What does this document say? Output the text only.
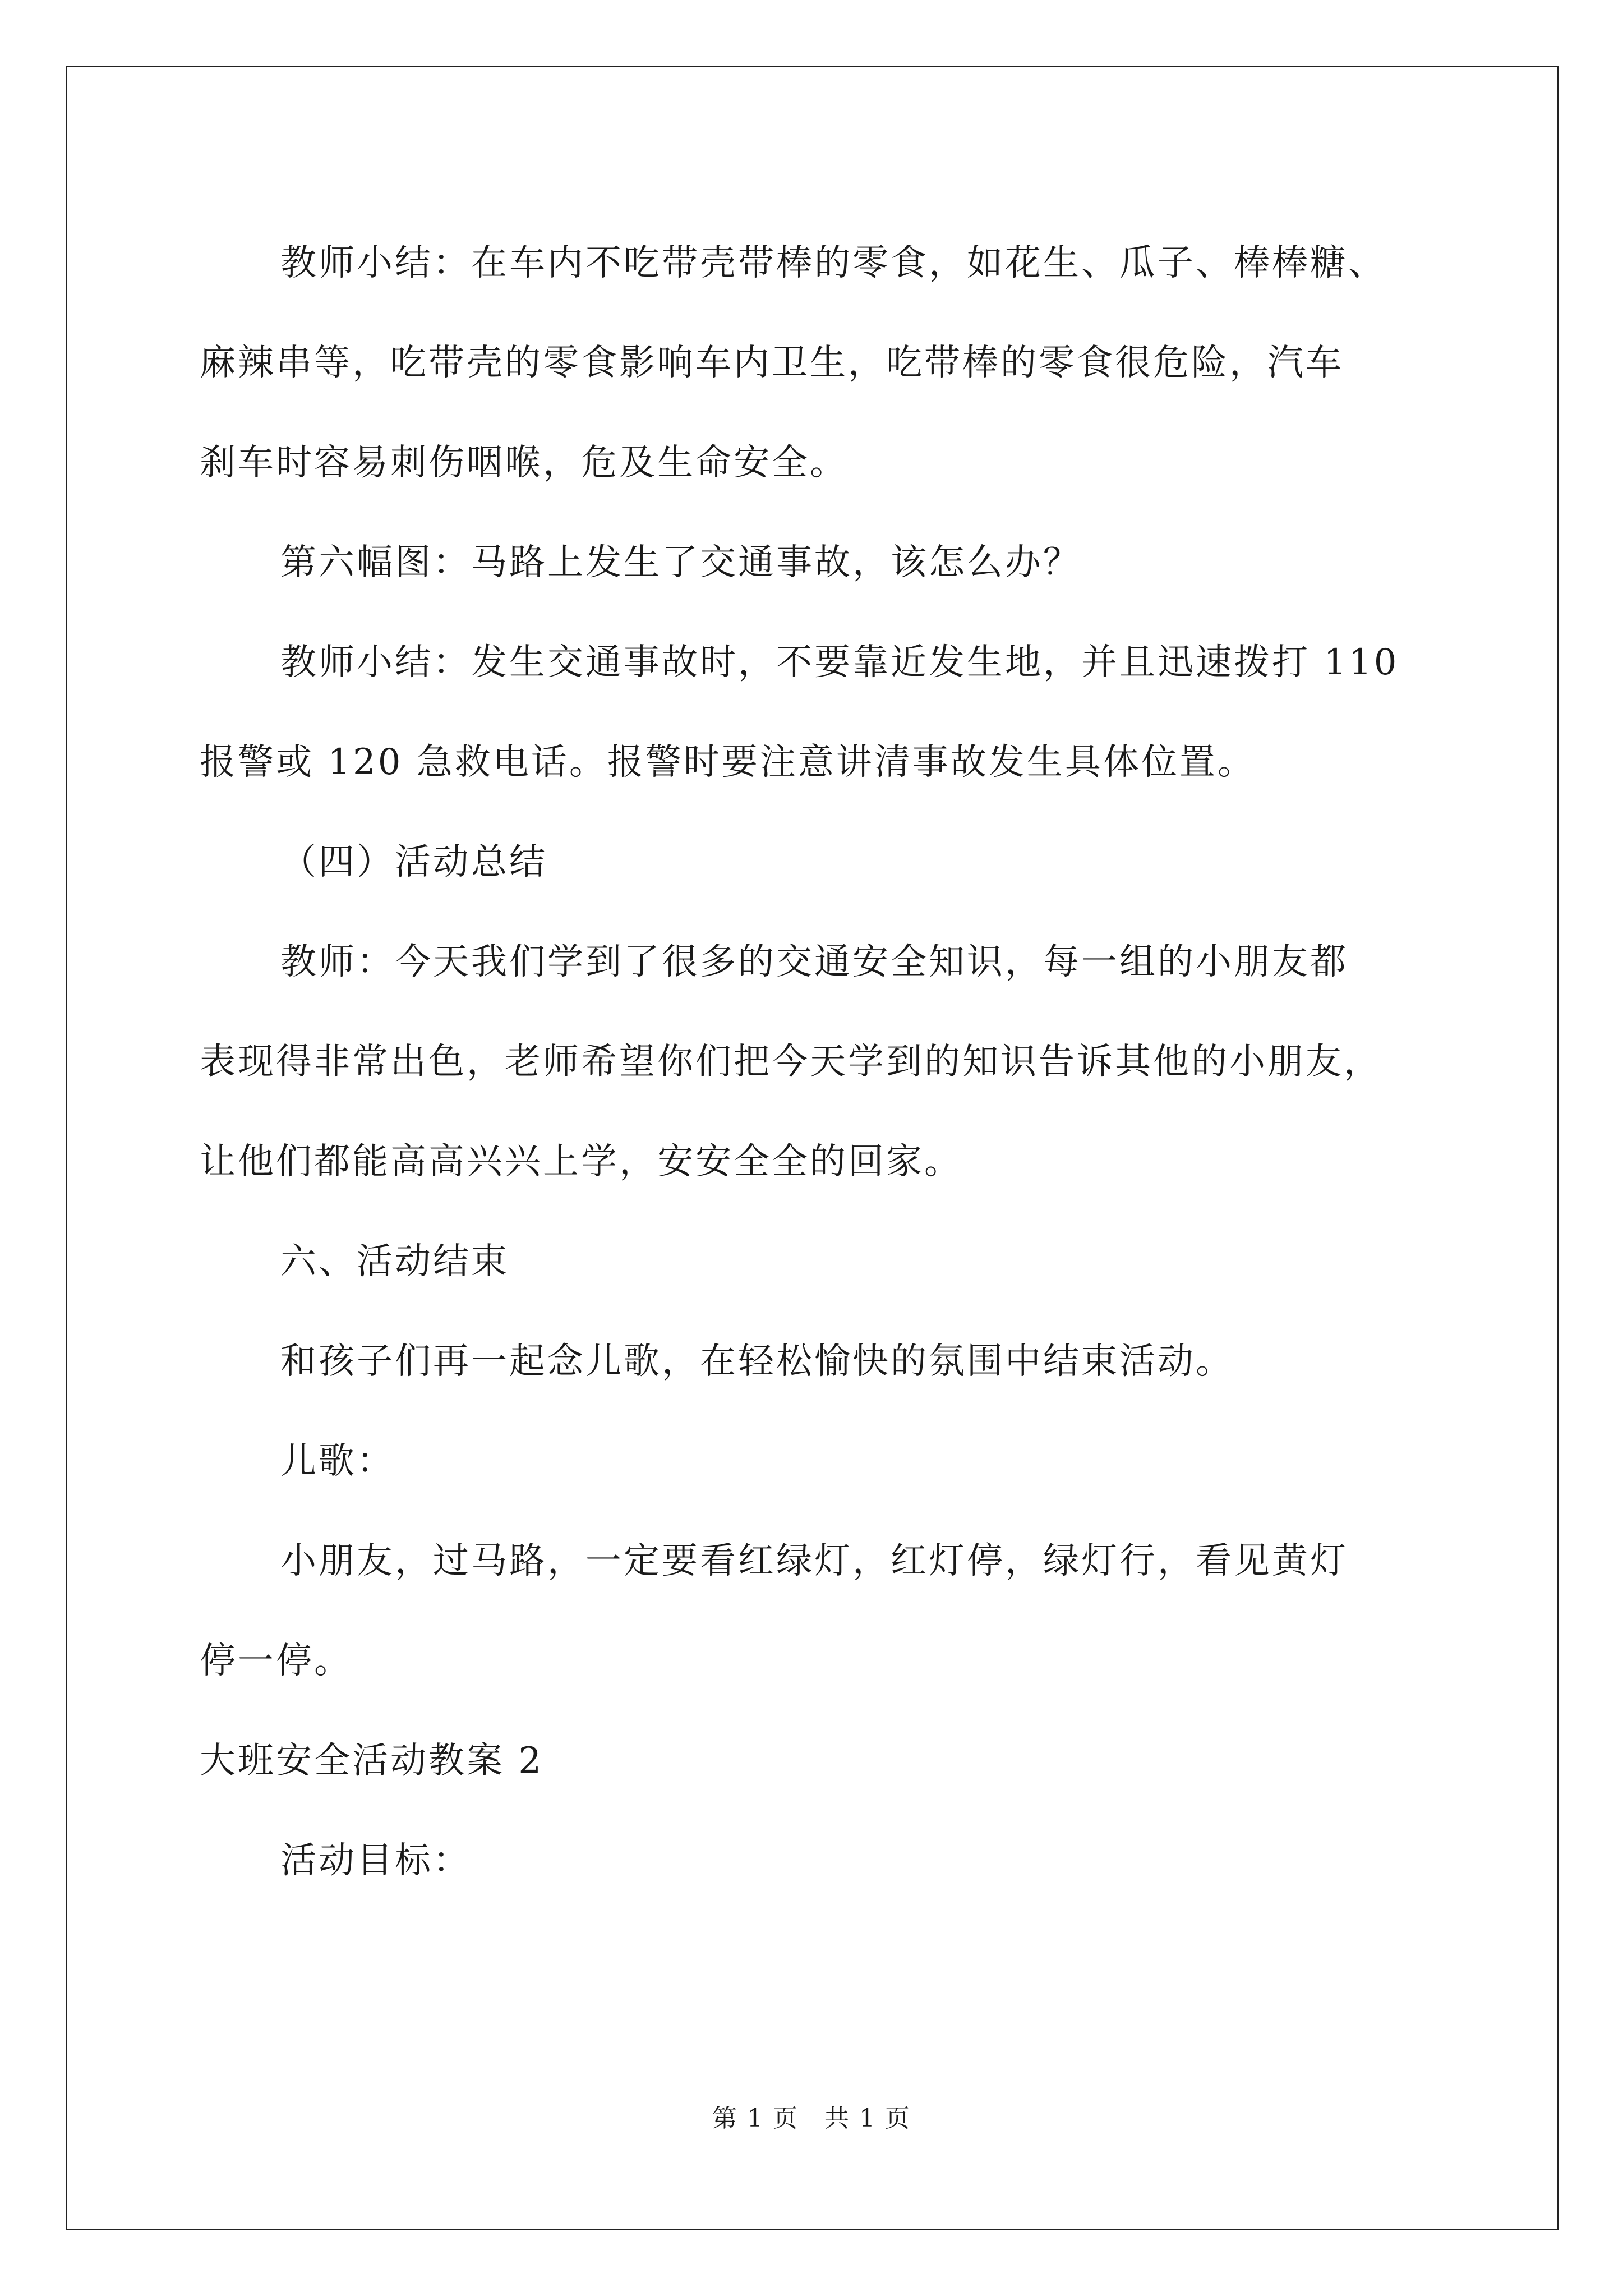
教师小结：在车内不吃带壳带棒的零食，如花生、瓜子、棒棒糖、

麻辣串等，吃带壳的零食影响车内卫生，吃带棒的零食很危险，汽车

刹车时容易刺伤咽喉，危及生命安全。

第六幅图：马路上发生了交通事故，该怎么办？

教师小结：发生交通事故时，不要靠近发生地，并且迅速拨打 110

报警或 120 急救电话。报警时要注意讲清事故发生具体位置。

（四）活动总结

教师：今天我们学到了很多的交通安全知识，每一组的小朋友都

表现得非常出色，老师希望你们把今天学到的知识告诉其他的小朋友，

让他们都能高高兴兴上学，安安全全的回家。

六、活动结束

和孩子们再一起念儿歌，在轻松愉快的氛围中结束活动。

儿歌：

小朋友，过马路，一定要看红绿灯，红灯停，绿灯行，看见黄灯

停一停。

大班安全活动教案 2

活动目标：

第 1 页　共 1 页
